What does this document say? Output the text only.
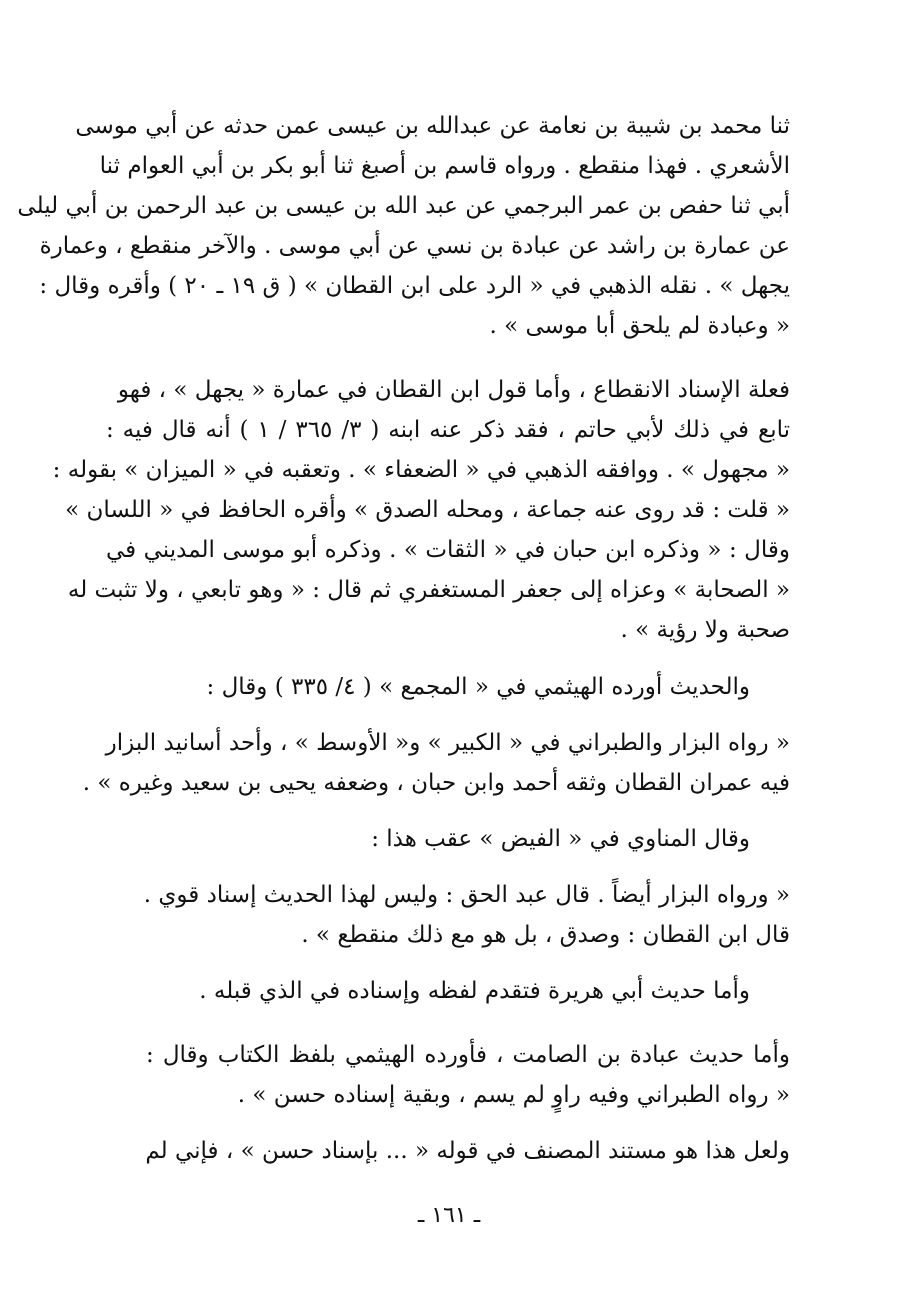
ثنا محمد بن شيبة بن نعامة عن عبدالله بن عيسى عمن حدثه عن أبي موسى
الأشعري . فهذا منقطع . ورواه قاسم بن أصبغ ثنا أبو بكر بن أبي العوام ثنا
أبي ثنا حفص بن عمر البرجمي عن عبد الله بن عيسى بن عبد الرحمن بن أبي ليلى
عن عمارة بن راشد عن عبادة بن نسي عن أبي موسى . والآخر منقطع ، وعمارة
يجهل » . نقله الذهبي في « الرد على ابن القطان » ( ق ١٩ ـ ٢٠ ) وأقره وقال :
« وعبادة لم يلحق أبا موسى » .
فعلة الإسناد الانقطاع ، وأما قول ابن القطان في عمارة « يجهل » ، فهو
تابع في ذلك لأبي حاتم ، فقد ذكر عنه ابنه ( ٣/ ٣٦٥ / ١ ) أنه قال فيه :
« مجهول » . ووافقه الذهبي في « الضعفاء » . وتعقبه في « الميزان » بقوله :
« قلت : قد روى عنه جماعة ، ومحله الصدق » وأقره الحافظ في « اللسان »
وقال : « وذكره ابن حبان في « الثقات » . وذكره أبو موسى المديني في
« الصحابة » وعزاه إلى جعفر المستغفري ثم قال : « وهو تابعي ، ولا تثبت له
صحبة ولا رؤية » .
والحديث أورده الهيثمي في « المجمع » ( ٤/ ٣٣٥ ) وقال :
« رواه البزار والطبراني في « الكبير » و« الأوسط » ، وأحد أسانيد البزار
فيه عمران القطان وثقه أحمد وابن حبان ، وضعفه يحيى بن سعيد وغيره » .
وقال المناوي في « الفيض » عقب هذا :
« ورواه البزار أيضاً . قال عبد الحق : وليس لهذا الحديث إسناد قوي .
قال ابن القطان : وصدق ، بل هو مع ذلك منقطع » .
وأما حديث أبي هريرة فتقدم لفظه وإسناده في الذي قبله .
وأما حديث عبادة بن الصامت ، فأورده الهيثمي بلفظ الكتاب وقال :
« رواه الطبراني وفيه راوٍ لم يسم ، وبقية إسناده حسن » .
ولعل هذا هو مستند المصنف في قوله « ... بإسناد حسن » ، فإني لم
ـ ١٦١ ـ
